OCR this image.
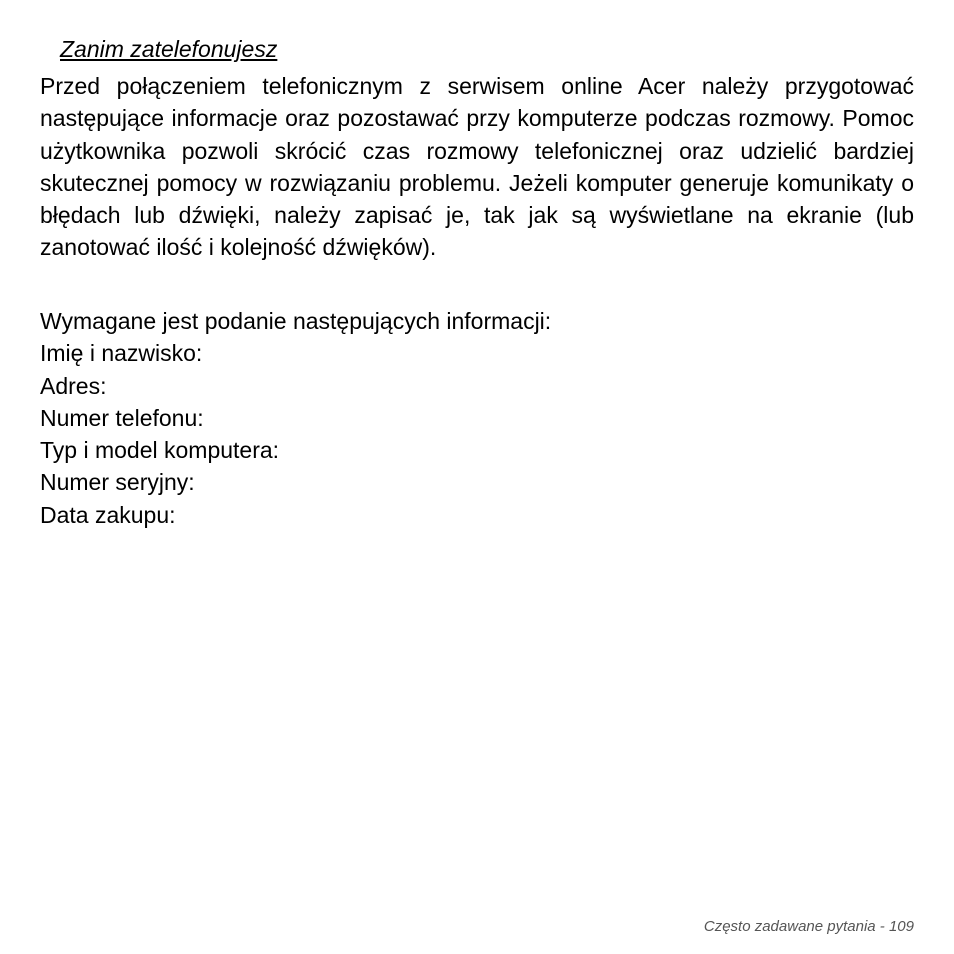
Zanim zatelefonujesz

Przed połączeniem telefonicznym z serwisem online Acer należy przygotować następujące informacje oraz pozostawać przy komputerze podczas rozmowy. Pomoc użytkownika pozwoli skrócić czas rozmowy telefonicznej oraz udzielić bardziej skutecznej pomocy w rozwiązaniu problemu. Jeżeli komputer generuje komunikaty o błędach lub dźwięki, należy zapisać je, tak jak są wyświetlane na ekranie (lub zanotować ilość i kolejność dźwięków).

Wymagane jest podanie następujących informacji:
Imię i nazwisko:
Adres:
Numer telefonu:
Typ i model komputera:
Numer seryjny:
Data zakupu:
Często zadawane pytania - 109
